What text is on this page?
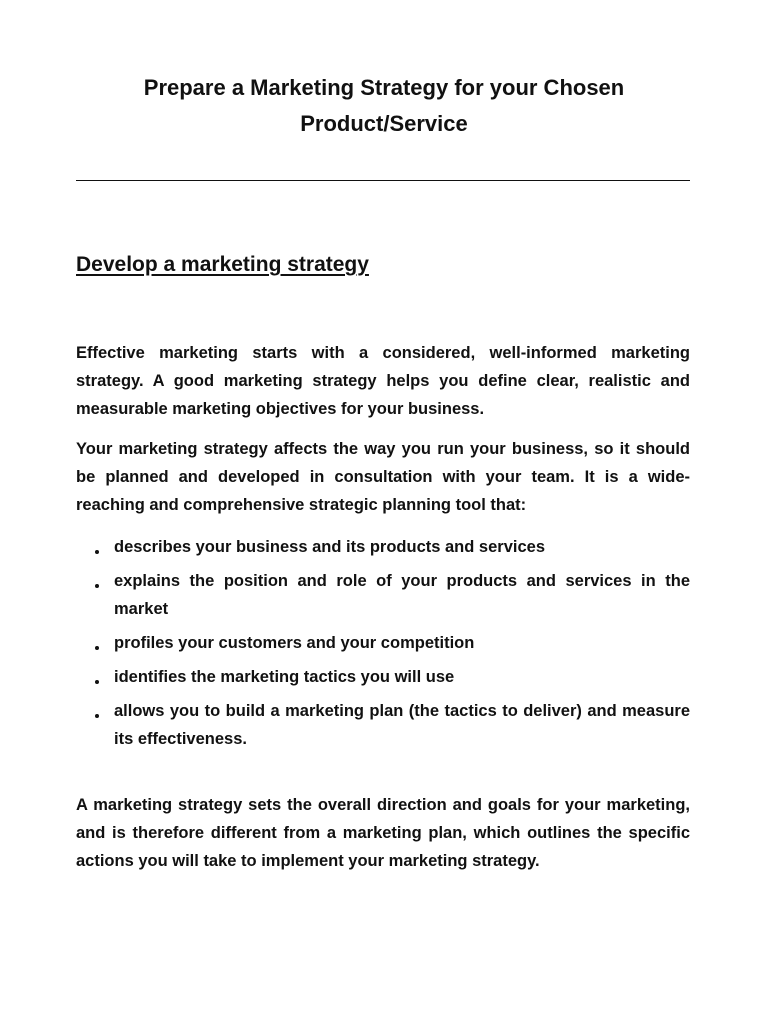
Prepare a Marketing Strategy for your Chosen
Product/Service
Develop a marketing strategy

Effective marketing starts with a considered, well-informed marketing strategy. A good marketing strategy helps you define clear, realistic and measurable marketing objectives for your business.

Your marketing strategy affects the way you run your business, so it should be planned and developed in consultation with your team. It is a wide-reaching and comprehensive strategic planning tool that:

describes your business and its products and services
explains the position and role of your products and services in the market
profiles your customers and your competition
identifies the marketing tactics you will use
allows you to build a marketing plan (the tactics to deliver) and measure its effectiveness.

A marketing strategy sets the overall direction and goals for your marketing, and is therefore different from a marketing plan, which outlines the specific actions you will take to implement your marketing strategy.
